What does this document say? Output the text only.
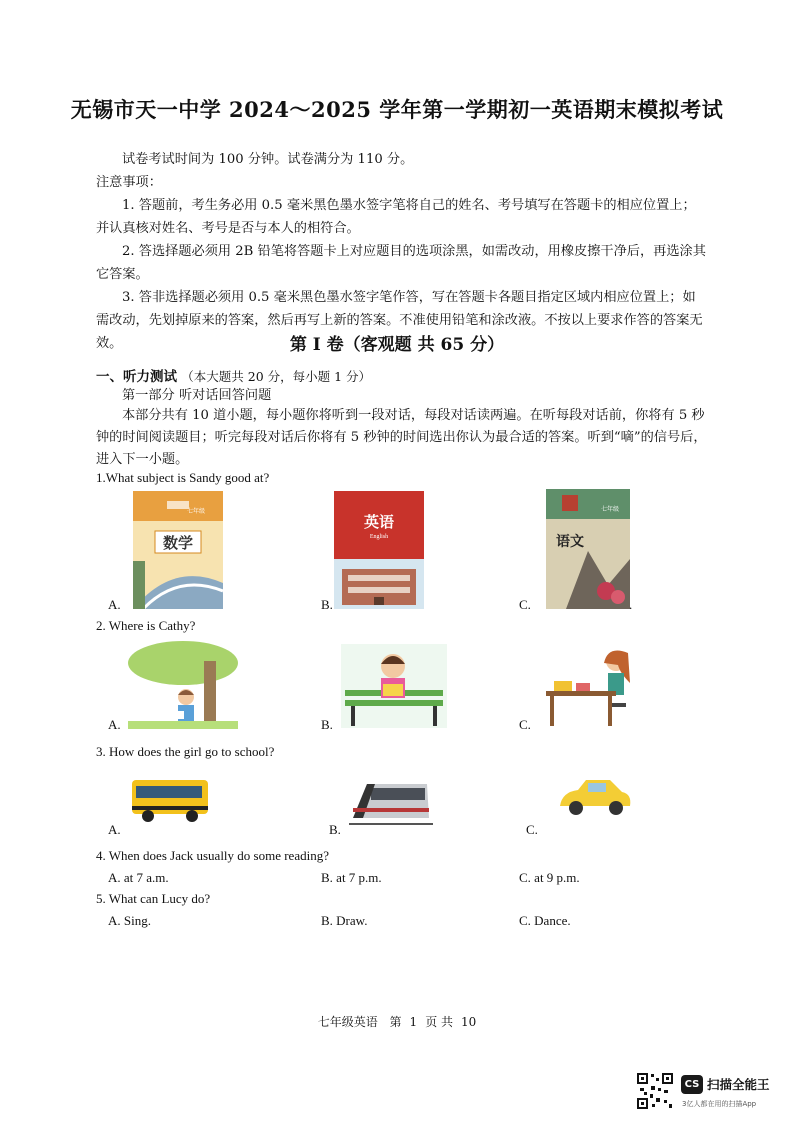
无锡市天一中学 2024～2025 学年第一学期初一英语期末模拟考试
试卷考试时间为 100 分钟。试卷满分为 110 分。
注意事项：
1. 答题前，考生务必用 0.5 毫米黑色墨水签字笔将自己的姓名、考号填写在答题卡的相应位置上；并认真核对姓名、考号是否与本人的相符合。
2. 答选择题必须用 2B 铅笔将答题卡上对应题目的选项涂黑，如需改动，用橡皮擦干净后，再选涂其它答案。
3. 答非选择题必须用 0.5 毫米黑色墨水签字笔作答，写在答题卡各题目指定区域内相应位置上；如需改动，先划掉原来的答案，然后再写上新的答案。不准使用铅笔和涂改液。不按以上要求作答的答案无效。	第 I 卷（客观题 共 65 分）
一、听力测试 （本大题共 20 分，每小题 1 分）
第一部分 听对话回答问题
本部分共有 10 道小题，每小题你将听到一段对话，每段对话读两遍。在听每段对话前，你将有 5 秒钟的时间阅读题目；听完每段对话后你将有 5 秒钟的时间选出你认为最合适的答案。听到“嘀”的信号后，进入下一小题。
1.What subject is Sandy good at?
数学
七年级
A.
英语
English
B.
七年级
语文
C.	.
2. Where is Cathy?
A.	B.	C.
3. How does the girl go to school?
A.	B.	C.
4. When does Jack usually do some reading?
A. at 7 a.m.	B. at 7 p.m.	C. at 9 p.m.
5. What can Lucy do?
A. Sing.	B. Draw.	C. Dance.
七年级英语 第 1 页 共 10
CS 扫描全能王
3亿人都在用的扫描App
